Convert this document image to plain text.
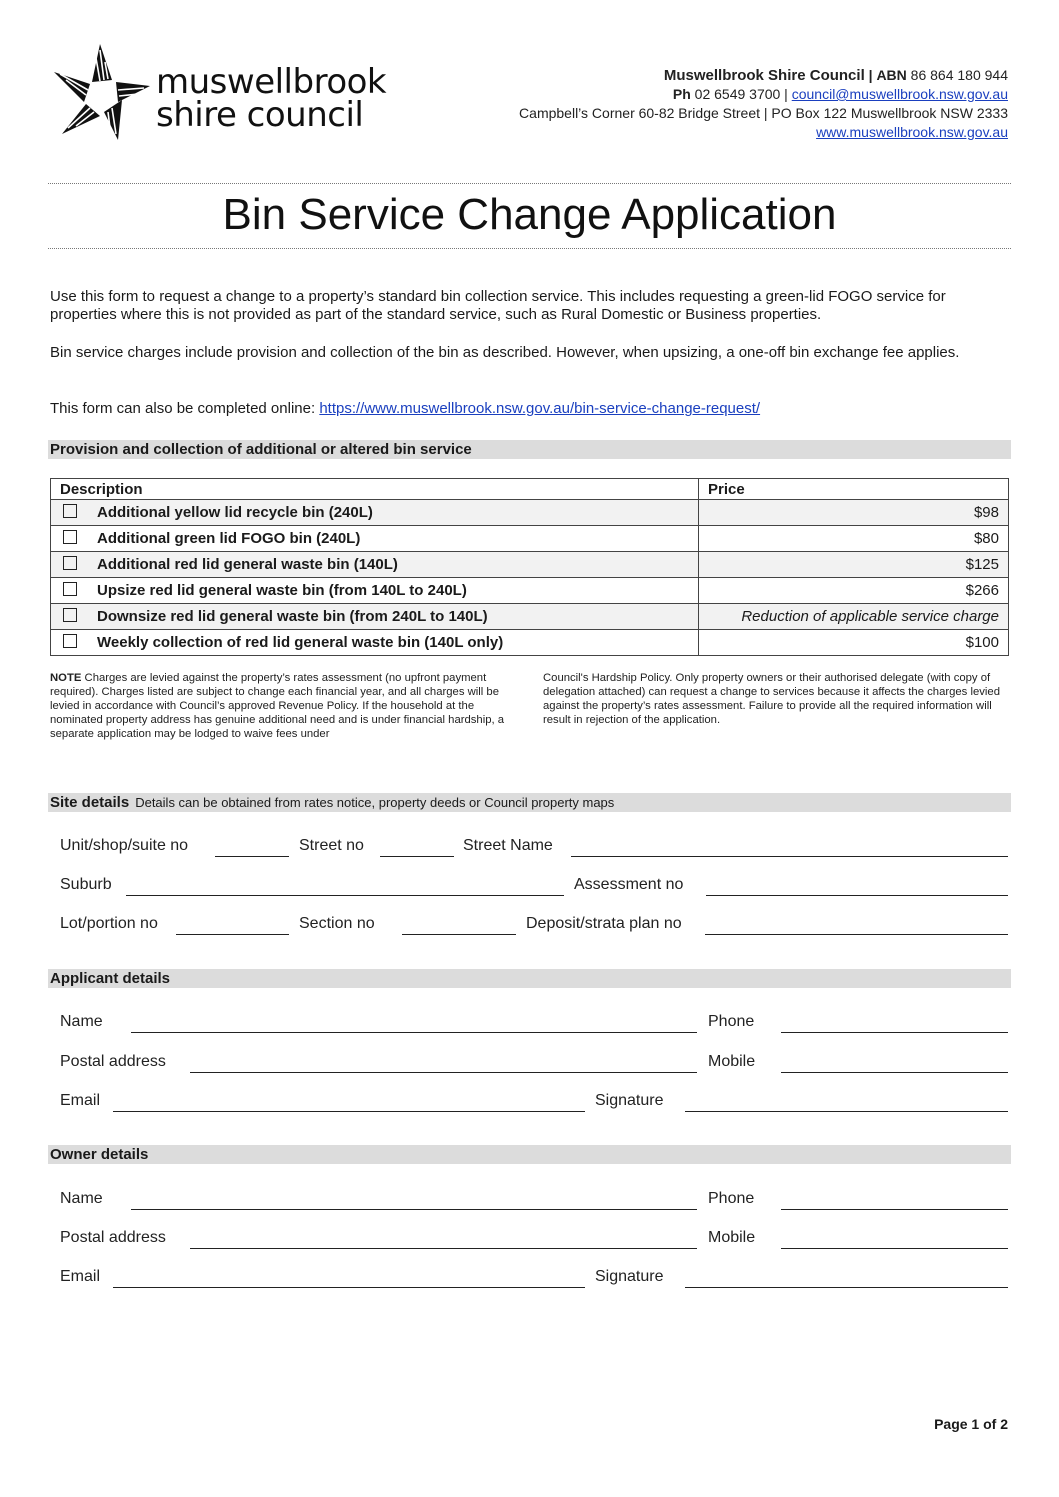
muswellbrook
shire council
Muswellbrook Shire Council | ABN 86 864 180 944
Ph 02 6549 3700 | council@muswellbrook.nsw.gov.au
Campbell’s Corner 60-82 Bridge Street | PO Box 122 Muswellbrook NSW 2333
www.muswellbrook.nsw.gov.au
Bin Service Change Application
Use this form to request a change to a property’s standard bin collection service. This includes requesting a green-lid FOGO service for properties where this is not provided as part of the standard service, such as Rural Domestic or Business properties.
Bin service charges include provision and collection of the bin as described. However, when upsizing, a one-off bin exchange fee applies.
This form can also be completed online: https://www.muswellbrook.nsw.gov.au/bin-service-change-request/
Provision and collection of additional or altered bin service
Description	Price
Additional yellow lid recycle bin (240L)	$98
Additional green lid FOGO bin (240L)	$80
Additional red lid general waste bin (140L)	$125
Upsize red lid general waste bin (from 140L to 240L)	$266
Downsize red lid general waste bin (from 240L to 140L)	Reduction of applicable service charge
Weekly collection of red lid general waste bin (140L only)	$100
NOTE Charges are levied against the property’s rates assessment (no upfront payment required). Charges listed are subject to change each financial year, and all charges will be levied in accordance with Council’s approved Revenue Policy. If the household at the nominated property address has genuine additional need and is under financial hardship, a separate application may be lodged to waive fees under
Council's Hardship Policy. Only property owners or their authorised delegate (with copy of delegation attached) can request a change to services because it affects the charges levied against the property’s rates assessment. Failure to provide all the required information will result in rejection of the application.
Site details Details can be obtained from rates notice, property deeds or Council property maps
Unit/shop/suite no	Street no	Street Name
Suburb	Assessment no
Lot/portion no	Section no	Deposit/strata plan no
Applicant details
Name	Phone
Postal address	Mobile
Email	Signature
Owner details
Name	Phone
Postal address	Mobile
Email	Signature
Page 1 of 2
